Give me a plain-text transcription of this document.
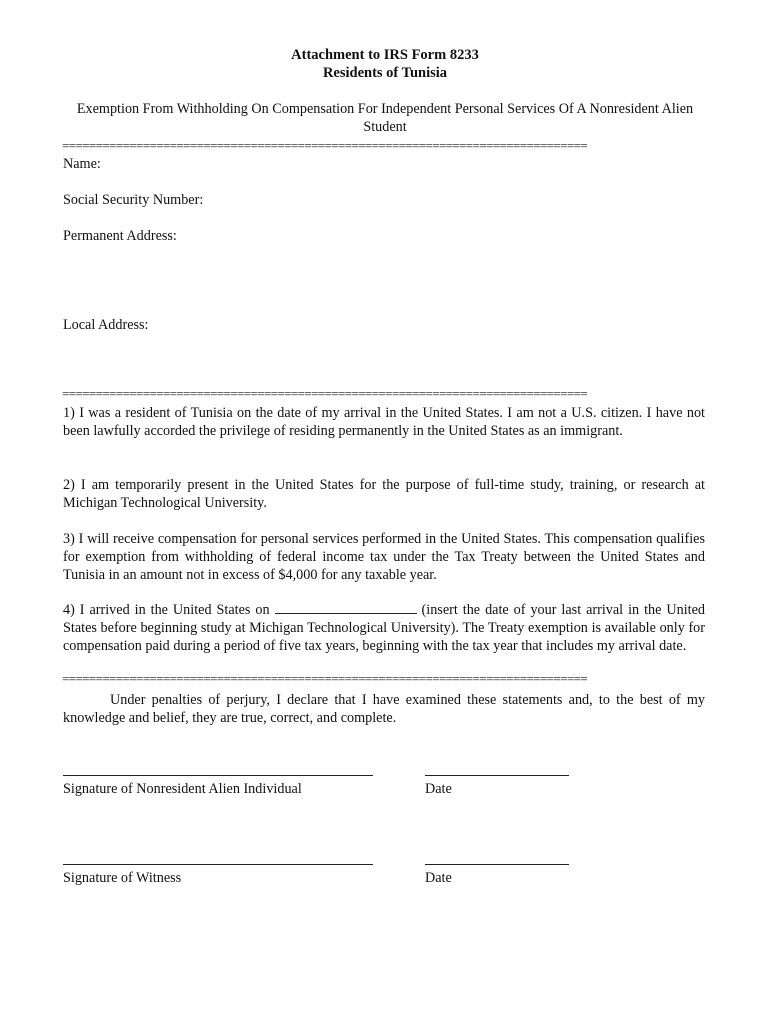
Attachment to IRS Form 8233
Residents of Tunisia
Exemption From Withholding On Compensation For Independent Personal Services Of A Nonresident Alien Student
==============================================================================
Name:
Social Security Number:
Permanent Address:
Local Address:
==============================================================================
1) I was a resident of Tunisia on the date of my arrival in the United States. I am not a U.S. citizen. I have not been lawfully accorded the privilege of residing permanently in the United States as an immigrant.
2) I am temporarily present in the United States for the purpose of full-time study, training, or research at Michigan Technological University.
3) I will receive compensation for personal services performed in the United States. This compensation qualifies for exemption from withholding of federal income tax under the Tax Treaty between the United States and Tunisia in an amount not in excess of $4,000 for any taxable year.
4) I arrived in the United States on	(insert the date of your last arrival in the United States before beginning study at Michigan Technological University). The Treaty exemption is available only for compensation paid during a period of five tax years, beginning with the tax year that includes my arrival date.
==============================================================================
Under penalties of perjury, I declare that I have examined these statements and, to the best of my knowledge and belief, they are true, correct, and complete.
Signature of Nonresident Alien Individual	Date
Signature of Witness	Date
